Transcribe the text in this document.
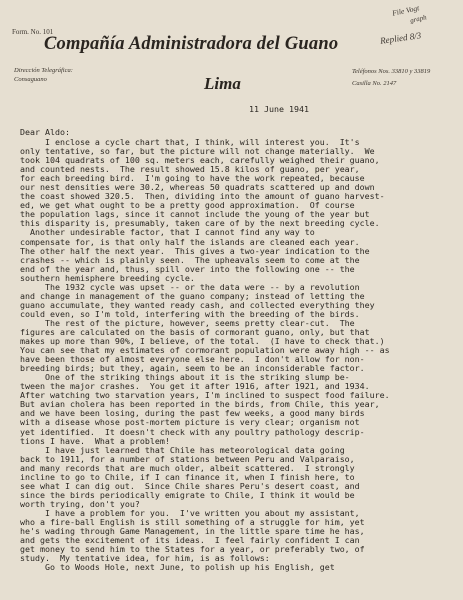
Form. No. 101
Compañía Administradora del Guano
Dirección Telegráfica:
Consaguano	Lima
Teléfonos Nos. 33810 y 33819
Casilla No. 2147
File Vogt
graph
Replied 8/3
11 June 1941
Dear Aldo:
I enclose a cycle chart that, I think, will interest you.  It's
only tentative, so far, but the picture will not change materially.  We
took 104 quadrats of 100 sq. meters each, carefully weighed their guano,
and counted nests.  The result showed 15.8 kilos of guano, per year,
for each breeding bird.  I'm going to have the work repeated, because
our nest densities were 30.2, whereas 50 quadrats scattered up and down
the coast showed 320.5.  Then, dividing into the amount of guano harvest-
ed, we get what ought to be a pretty good approximation.  Of course
the population lags, since it cannot include the young of the year but
this disparity is, presumably, taken care of by the next breeding cycle.
Another undesirable factor, that I cannot find any way to
compensate for, is that only half the islands are cleaned each year.
The other half the next year.  This gives a two-year indication to the
crashes -- which is plainly seen.  The upheavals seem to come at the
end of the year and, thus, spill over into the following one -- the
southern hemisphere breeding cycle.
The 1932 cycle was upset -- or the data were -- by a revolution
and change in management of the guano company; instead of letting the
guano accumulate, they wanted ready cash, and collected everything they
could even, so I'm told, interfering with the breeding of the birds.
The rest of the picture, however, seems pretty clear-cut.  The
figures are calculated on the basis of cormorant guano, only, but that
makes up more than 90%, I believe, of the total.  (I have to check that.)
You can see that my estimates of cormorant population were away high -- as
have been those of almost everyone else here.  I don't allow for non-
breeding birds; but they, again, seem to be an inconsiderable factor.
One of the striking things about it is the striking slump be-
tween the major crashes.  You get it after 1916, after 1921, and 1934.
After watching two starvation years, I'm inclined to suspect food failure.
But avian cholera has been reported in the birds, from Chile, this year,
and we have been losing, during the past few weeks, a good many birds
with a disease whose post-mortem picture is very clear; organism not
yet identified.  It doesn't check with any poultry pathology descrip-
tions I have.  What a problem!
I have just learned that Chile has meteorological data going
back to 1911, for a number of stations between Peru and Valparaiso,
and many records that are much older, albeit scattered.  I strongly
incline to go to Chile, if I can finance it, when I finish here, to
see what I can dig out.  Since Chile shares Peru's desert coast, and
since the birds periodically emigrate to Chile, I think it would be
worth trying, don't you?
I have a problem for you.  I've written you about my assistant,
who a fire-ball English is still something of a struggle for him, yet
he's wading through Game Management, in the little spare time he has,
and gets the excitement of its ideas.  I feel fairly confident I can
get money to send him to the States for a year, or preferably two, of
study.  My tentative idea, for him, is as follows:
Go to Woods Hole, next June, to polish up his English, get
